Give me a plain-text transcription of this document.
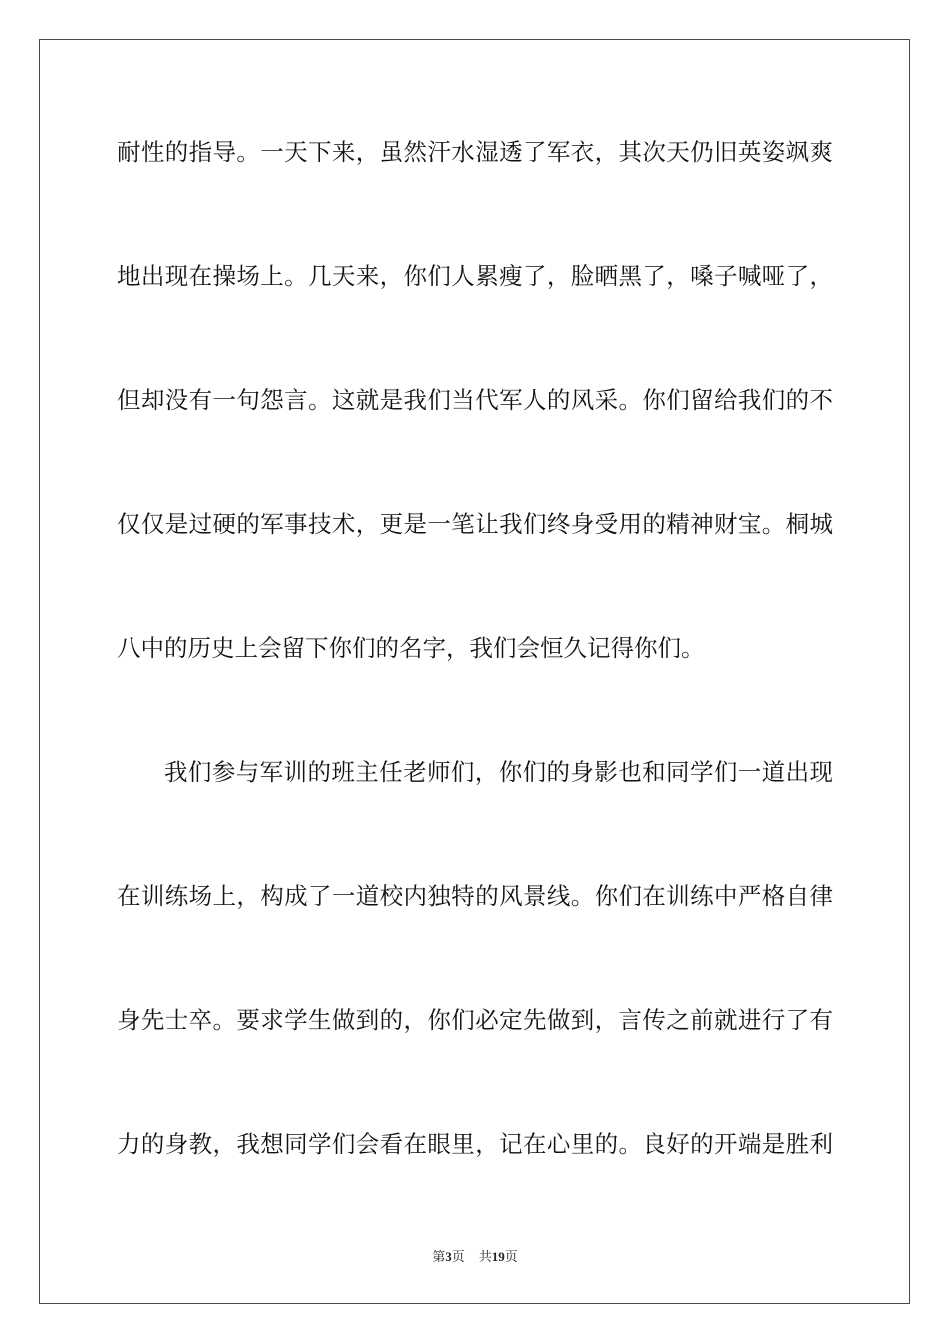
耐性的指导。一天下来，虽然汗水湿透了军衣，其次天仍旧英姿飒爽
地出现在操场上。几天来，你们人累瘦了，脸晒黑了，嗓子喊哑了，
但却没有一句怨言。这就是我们当代军人的风采。你们留给我们的不
仅仅是过硬的军事技术，更是一笔让我们终身受用的精神财宝。桐城
八中的历史上会留下你们的名字，我们会恒久记得你们。
我们参与军训的班主任老师们，你们的身影也和同学们一道出现
在训练场上，构成了一道校内独特的风景线。你们在训练中严格自律
身先士卒。要求学生做到的，你们必定先做到，言传之前就进行了有
力的身教，我想同学们会看在眼里，记在心里的。良好的开端是胜利
第3页 共19页
